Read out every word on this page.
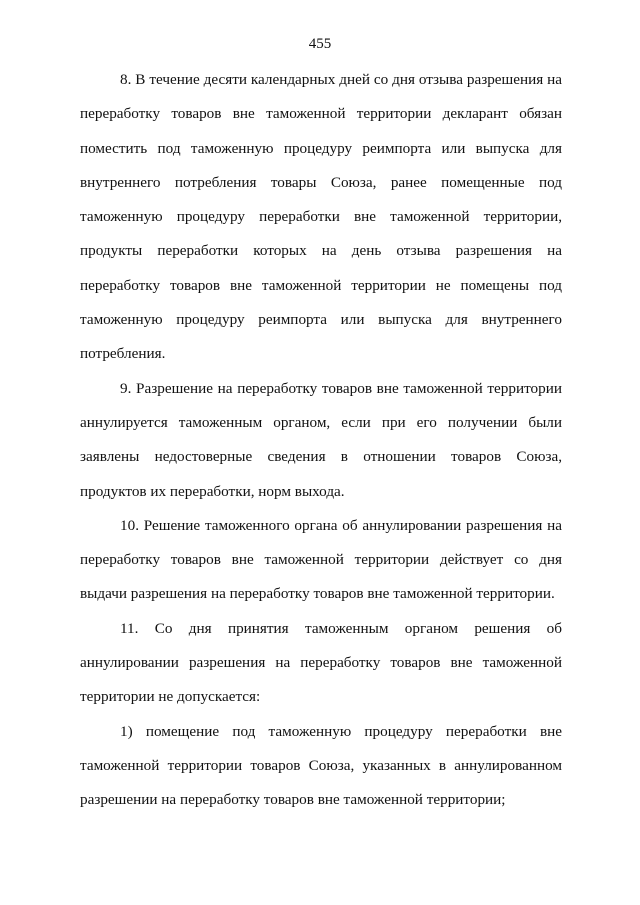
455

8. В течение десяти календарных дней со дня отзыва разрешения на переработку товаров вне таможенной территории декларант обязан поместить под таможенную процедуру реимпорта или выпуска для внутреннего потребления товары Союза, ранее помещенные под таможенную процедуру переработки вне таможенной территории, продукты переработки которых на день отзыва разрешения на переработку товаров вне таможенной территории не помещены под таможенную процедуру реимпорта или выпуска для внутреннего потребления.

9. Разрешение на переработку товаров вне таможенной территории аннулируется таможенным органом, если при его получении были заявлены недостоверные сведения в отношении товаров Союза, продуктов их переработки, норм выхода.

10. Решение таможенного органа об аннулировании разрешения на переработку товаров вне таможенной территории действует со дня выдачи разрешения на переработку товаров вне таможенной территории.

11. Со дня принятия таможенным органом решения об аннулировании разрешения на переработку товаров вне таможенной территории не допускается:

1) помещение под таможенную процедуру переработки вне таможенной территории товаров Союза, указанных в аннулированном разрешении на переработку товаров вне таможенной территории;
